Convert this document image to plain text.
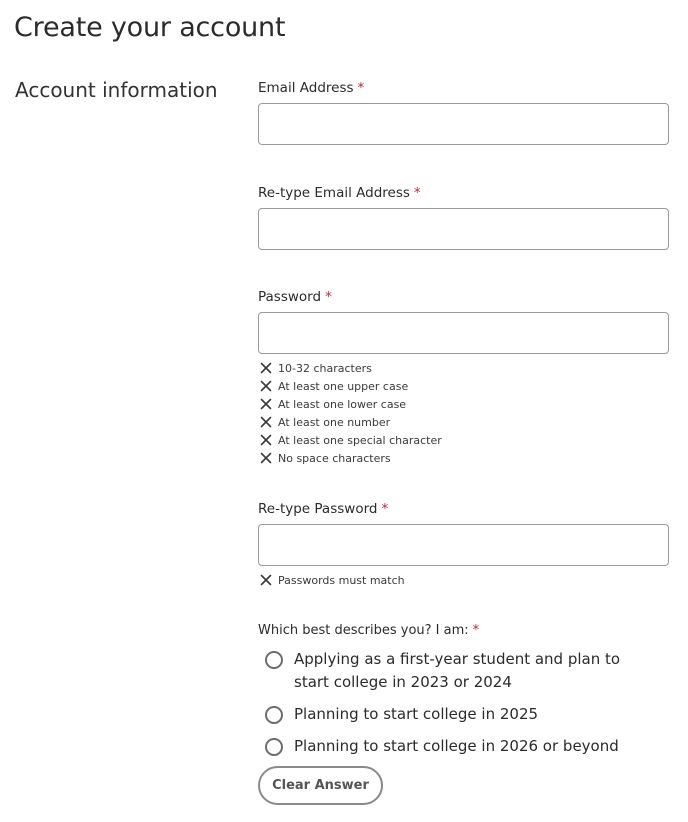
Create your account
Account information	Email Address *
Re-type Email Address *
Password *
10-32 characters
At least one upper case
At least one lower case
At least one number
At least one special character
No space characters
Re-type Password *
Passwords must match
Which best describes you? I am: *
Applying as a first-year student and plan to start college in 2023 or 2024
Planning to start college in 2025
Planning to start college in 2026 or beyond
Clear Answer
